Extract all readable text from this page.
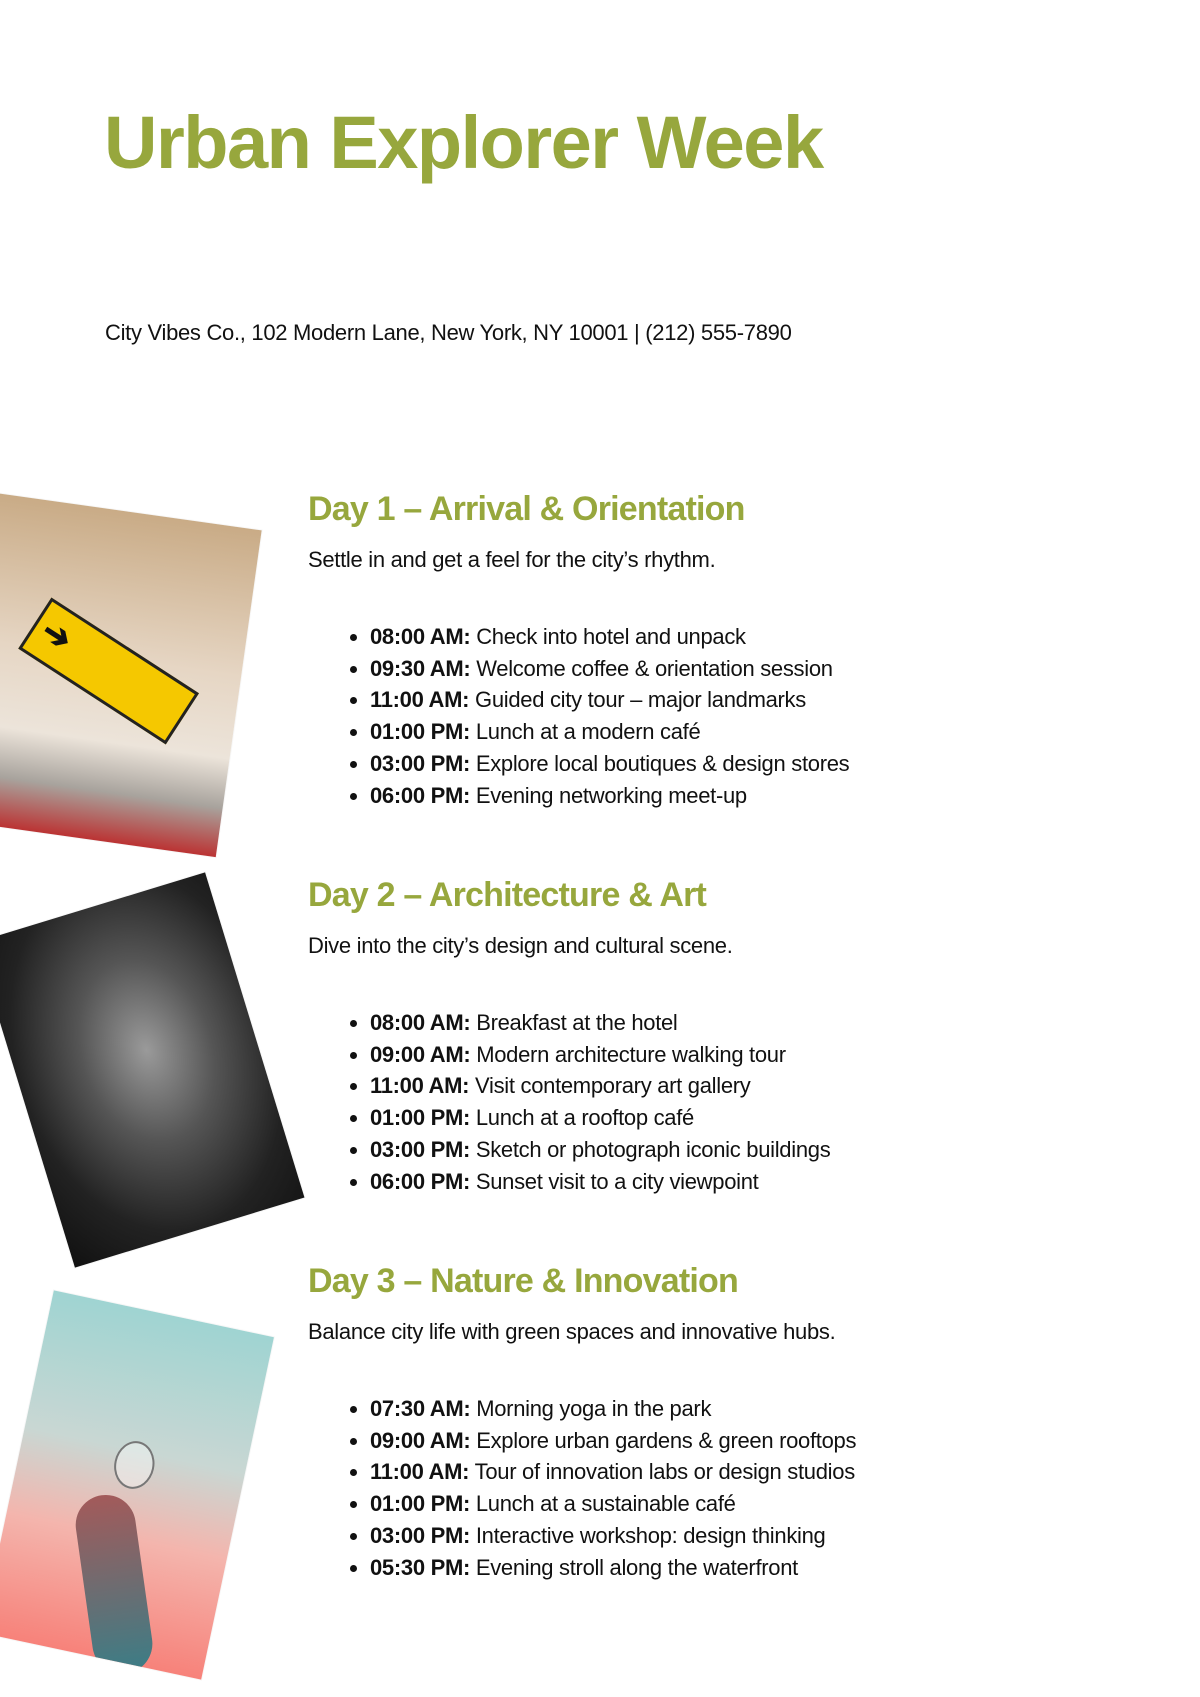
Urban Explorer Week
City Vibes Co., 102 Modern Lane, New York, NY 10001 | (212) 555-7890
➔
Day 1 – Arrival & Orientation
Settle in and get a feel for the city’s rhythm.
• 08:00 AM: Check into hotel and unpack
• 09:30 AM: Welcome coffee & orientation session
• 11:00 AM: Guided city tour – major landmarks
• 01:00 PM: Lunch at a modern café
• 03:00 PM: Explore local boutiques & design stores
• 06:00 PM: Evening networking meet-up
Day 2 – Architecture & Art
Dive into the city’s design and cultural scene.
• 08:00 AM: Breakfast at the hotel
• 09:00 AM: Modern architecture walking tour
• 11:00 AM: Visit contemporary art gallery
• 01:00 PM: Lunch at a rooftop café
• 03:00 PM: Sketch or photograph iconic buildings
• 06:00 PM: Sunset visit to a city viewpoint
Day 3 – Nature & Innovation
Balance city life with green spaces and innovative hubs.
• 07:30 AM: Morning yoga in the park
• 09:00 AM: Explore urban gardens & green rooftops
• 11:00 AM: Tour of innovation labs or design studios
• 01:00 PM: Lunch at a sustainable café
• 03:00 PM: Interactive workshop: design thinking
• 05:30 PM: Evening stroll along the waterfront
